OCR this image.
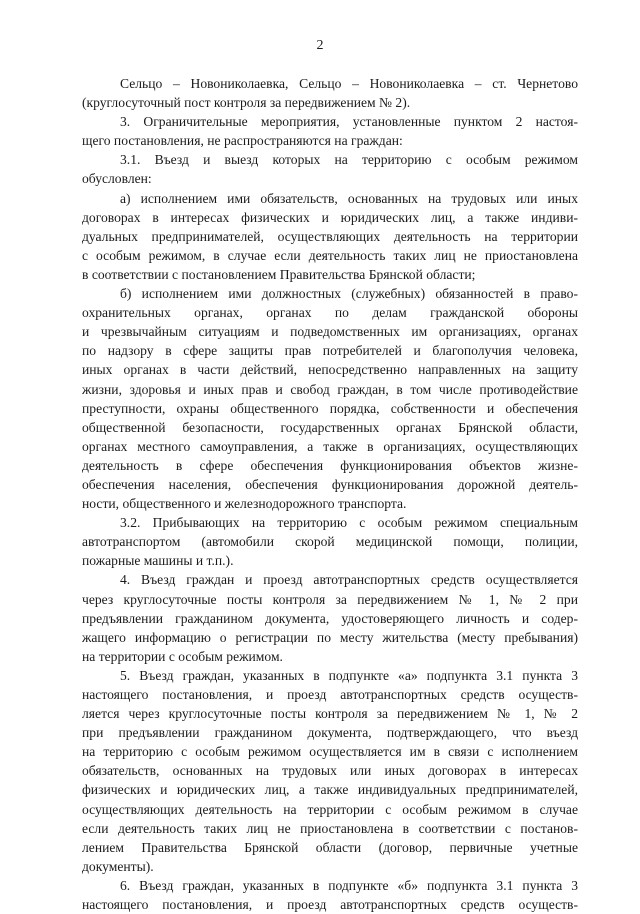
2
Сельцо – Новониколаевка, Сельцо – Новониколаевка – ст. Чернетово
(круглосуточный пост контроля за передвижением № 2).
3. Ограничительные мероприятия, установленные пунктом 2 настоя-
щего постановления, не распространяются на граждан:
3.1. Въезд и выезд которых на территорию с особым режимом
обусловлен:
а) исполнением ими обязательств, основанных на трудовых или иных
договорах в интересах физических и юридических лиц, а также индиви-
дуальных предпринимателей, осуществляющих деятельность на территории
с особым режимом, в случае если деятельность таких лиц не приостановлена
в соответствии с постановлением Правительства Брянской области;
б) исполнением ими должностных (служебных) обязанностей в право-
охранительных органах, органах по делам гражданской обороны
и чрезвычайным ситуациям и подведомственных им организациях, органах
по надзору в сфере защиты прав потребителей и благополучия человека,
иных органах в части действий, непосредственно направленных на защиту
жизни, здоровья и иных прав и свобод граждан, в том числе противодействие
преступности, охраны общественного порядка, собственности и обеспечения
общественной безопасности, государственных органах Брянской области,
органах местного самоуправления, а также в организациях, осуществляющих
деятельность в сфере обеспечения функционирования объектов жизне-
обеспечения населения, обеспечения функционирования дорожной деятель-
ности, общественного и железнодорожного транспорта.
3.2. Прибывающих на территорию с особым режимом специальным
автотранспортом (автомобили скорой медицинской помощи, полиции,
пожарные машины и т.п.).
4. Въезд граждан и проезд автотранспортных средств осуществляется
через круглосуточные посты контроля за передвижением № 1, № 2 при
предъявлении гражданином документа, удостоверяющего личность и содер-
жащего информацию о регистрации по месту жительства (месту пребывания)
на территории с особым режимом.
5. Въезд граждан, указанных в подпункте «а» подпункта 3.1 пункта 3
настоящего постановления, и проезд автотранспортных средств осуществ-
ляется через круглосуточные посты контроля за передвижением № 1, № 2
при предъявлении гражданином документа, подтверждающего, что въезд
на территорию с особым режимом осуществляется им в связи с исполнением
обязательств, основанных на трудовых или иных договорах в интересах
физических и юридических лиц, а также индивидуальных предпринимателей,
осуществляющих деятельность на территории с особым режимом в случае
если деятельность таких лиц не приостановлена в соответствии с постанов-
лением Правительства Брянской области (договор, первичные учетные
документы).
6. Въезд граждан, указанных в подпункте «б» подпункта 3.1 пункта 3
настоящего постановления, и проезд автотранспортных средств осуществ-
